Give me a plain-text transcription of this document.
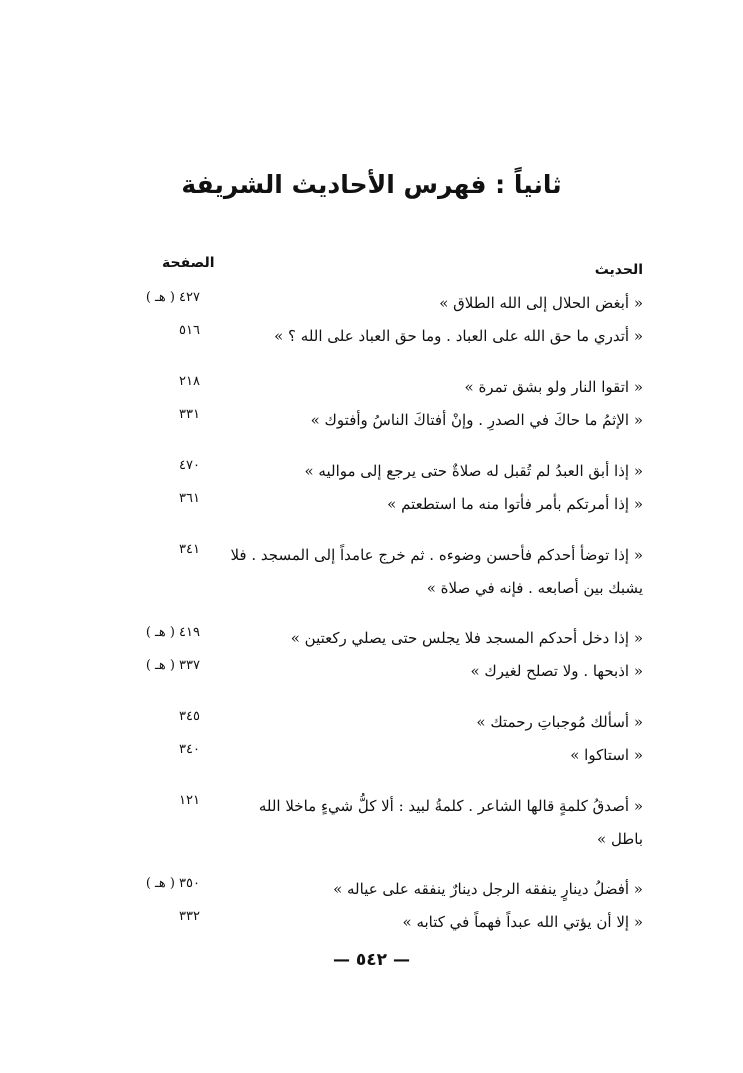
ثانياً : فهرس الأحاديث الشريفة
الحديث
الصفحة
« أبغض الحلال إلى الله الطلاق »
٤٢٧ ( هـ )
« أتدري ما حق الله على العباد . وما حق العباد على الله ؟ »
٥١٦
« اتقوا النار ولو بشق تمرة »
٢١٨
« الإثمُ ما حاكَ في الصدرِ . وإنْ أفتاكَ الناسُ وأفتوك »
٣٣١
« إذا أبق العبدُ لم تُقبل له صلاةٌ حتى يرجع إلى مواليه »
٤٧٠
« إذا أمرتكم بأمر فأتوا منه ما استطعتم »
٣٦١
« إذا توضأ أحدكم فأحسن وضوءه . ثم خرج عامداً إلى المسجد . فلا
٣٤١
يشبك بين أصابعه . فإنه في صلاة »
« إذا دخل أحدكم المسجد فلا يجلس حتى يصلي ركعتين »
٤١٩ ( هـ )
« اذبحها . ولا تصلح لغيرك »
٣٣٧ ( هـ )
« أسألك مُوجباتِ رحمتك »
٣٤٥
« استاكوا »
٣٤٠
« أصدقُ كلمةٍ قالها الشاعر . كلمةُ لبيد : ألا كلُّ شيءٍ ماخلا الله
١٢١
باطل »
« أفضلُ دينارٍ ينفقه الرجل دينارٌ ينفقه على عياله »
٣٥٠ ( هـ )
« إلا أن يؤتي الله عبداً فهماً في كتابه »
٣٣٢
— ٥٤٢ —
